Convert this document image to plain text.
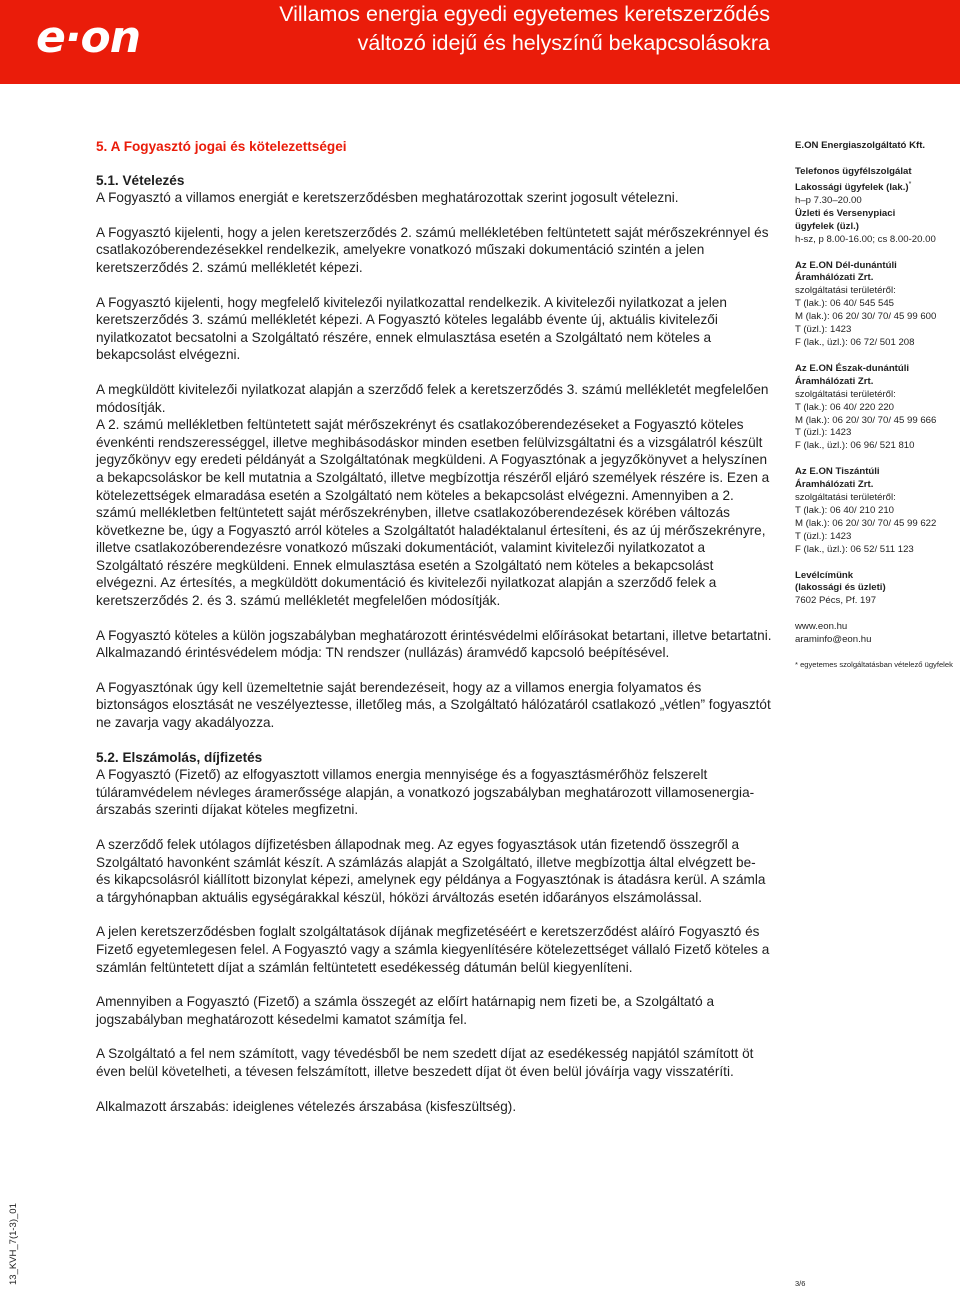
e·on	Villamos energia egyedi egyetemes keretszerződés
változó idejű és helyszínű bekapcsolásokra
5. A Fogyasztó jogai és kötelezettségei
5.1. Vételezés

A Fogyasztó a villamos energiát e keretszerződésben meghatározottak szerint jogosult vételezni.

A Fogyasztó kijelenti, hogy a jelen keretszerződés 2. számú mellékletében feltüntetett saját mérőszekrénnyel és csatlakozóberendezésekkel rendelkezik, amelyekre vonatkozó műszaki dokumentáció szintén a jelen keretszerződés 2. számú mellékletét képezi.

A Fogyasztó kijelenti, hogy megfelelő kivitelezői nyilatkozattal rendelkezik. A kivitelezői nyilatkozat a jelen keretszerződés 3. számú mellékletét képezi. A Fogyasztó köteles legalább évente új, aktuális kivitelezői nyilatkozatot becsatolni a Szolgáltató részére, ennek elmulasztása esetén a Szolgáltató nem köteles a bekapcsolást elvégezni.

A megküldött kivitelezői nyilatkozat alapján a szerződő felek a keretszerződés 3. számú mellékletét megfelelően módosítják.

A 2. számú mellékletben feltüntetett saját mérőszekrényt és csatlakozóberendezéseket a Fogyasztó köteles évenkénti rendszerességgel, illetve meghibásodáskor minden esetben felülvizsgáltatni és a vizsgálatról készült jegyzőkönyv egy eredeti példányát a Szolgáltatónak megküldeni. A Fogyasztónak a jegyzőkönyvet a helyszínen a bekapcsoláskor be kell mutatnia a Szolgáltató, illetve megbízottja részéről eljáró személyek részére is. Ezen a kötelezettségek elmaradása esetén a Szolgáltató nem köteles a bekapcsolást elvégezni. Amennyiben a 2. számú mellékletben feltüntetett saját mérőszekrényben, illetve csatlakozóberendezések körében változás következne be, úgy a Fogyasztó arról köteles a Szolgáltatót haladéktalanul értesíteni, és az új mérőszekrényre, illetve csatlakozóberendezésre vonatkozó műszaki dokumentációt, valamint kivitelezői nyilatkozatot a Szolgáltató részére megküldeni. Ennek elmulasztása esetén a Szolgáltató nem köteles a bekapcsolást elvégezni. Az értesítés, a megküldött dokumentáció és kivitelezői nyilatkozat alapján a szerződő felek a keretszerződés 2. és 3. számú mellékletét megfelelően módosítják.

A Fogyasztó köteles a külön jogszabályban meghatározott érintésvédelmi előírásokat betartani, illetve betartatni. Alkalmazandó érintésvédelem módja: TN rendszer (nullázás) áramvédő kapcsoló beépítésével.

A Fogyasztónak úgy kell üzemeltetnie saját berendezéseit, hogy az a villamos energia folyamatos és biztonságos elosztását ne veszélyeztesse, illetőleg más, a Szolgáltató hálózatáról csatlakozó „vétlen” fogyasztót ne zavarja vagy akadályozza.

5.2. Elszámolás, díjfizetés

A Fogyasztó (Fizető) az elfogyasztott villamos energia mennyisége és a fogyasztásmérőhöz felszerelt túláramvédelem névleges áramerőssége alapján, a vonatkozó jogszabályban meghatározott villamosenergia-árszabás szerinti díjakat köteles megfizetni.

A szerződő felek utólagos díjfizetésben állapodnak meg. Az egyes fogyasztások után fizetendő összegről a Szolgáltató havonként számlát készít. A számlázás alapját a Szolgáltató, illetve megbízottja által elvégzett be- és kikapcsolásról kiállított bizonylat képezi, amelynek egy példánya a Fogyasztónak is átadásra kerül. A számla a tárgyhónapban aktuális egységárakkal készül, hóközi árváltozás esetén időarányos elszámolással.

A jelen keretszerződésben foglalt szolgáltatások díjának megfizetéséért e keretszerződést aláíró Fogyasztó és Fizető egyetemlegesen felel. A Fogyasztó vagy a számla kiegyenlítésére kötelezettséget vállaló Fizető köteles a számlán feltüntetett díjat a számlán feltüntetett esedékesség dátumán belül kiegyenlíteni.

Amennyiben a Fogyasztó (Fizető) a számla összegét az előírt határnapig nem fizeti be, a Szolgáltató a jogszabályban meghatározott késedelmi kamatot számítja fel.

A Szolgáltató a fel nem számított, vagy tévedésből be nem szedett díjat az esedékesség napjától számított öt éven belül követelheti, a tévesen felszámított, illetve beszedett díjat öt éven belül jóváírja vagy visszatéríti.

Alkalmazott árszabás: ideiglenes vételezés árszabása (kisfeszültség).

E.ON Energiaszolgáltató Kft.
Telefonos ügyfélszolgálat
Lakossági ügyfelek (lak.)*
h–p 7.30–20.00
Üzleti és Versenypiaci
ügyfelek (üzl.)
h-sz, p 8.00-16.00; cs 8.00-20.00
Az E.ON Dél-dunántúli
Áramhálózati Zrt.
szolgáltatási területéről:
T (lak.): 06 40/ 545 545
M (lak.): 06 20/ 30/ 70/ 45 99 600
T (üzl.): 1423
F (lak., üzl.): 06 72/ 501 208
Az E.ON Észak-dunántúli
Áramhálózati Zrt.
szolgáltatási területéről:
T (lak.): 06 40/ 220 220
M (lak.): 06 20/ 30/ 70/ 45 99 666
T (üzl.): 1423
F (lak., üzl.): 06 96/ 521 810
Az E.ON Tiszántúli
Áramhálózati Zrt.
szolgáltatási területéről:
T (lak.): 06 40/ 210 210
M (lak.): 06 20/ 30/ 70/ 45 99 622
T (üzl.): 1423
F (lak., üzl.): 06 52/ 511 123
Levélcímünk
(lakossági és üzleti)
7602 Pécs, Pf. 197
www.eon.hu
araminfo@eon.hu
* egyetemes szolgáltatásban vételező ügyfelek
13_KVH_7(1-3)_01	3/6
